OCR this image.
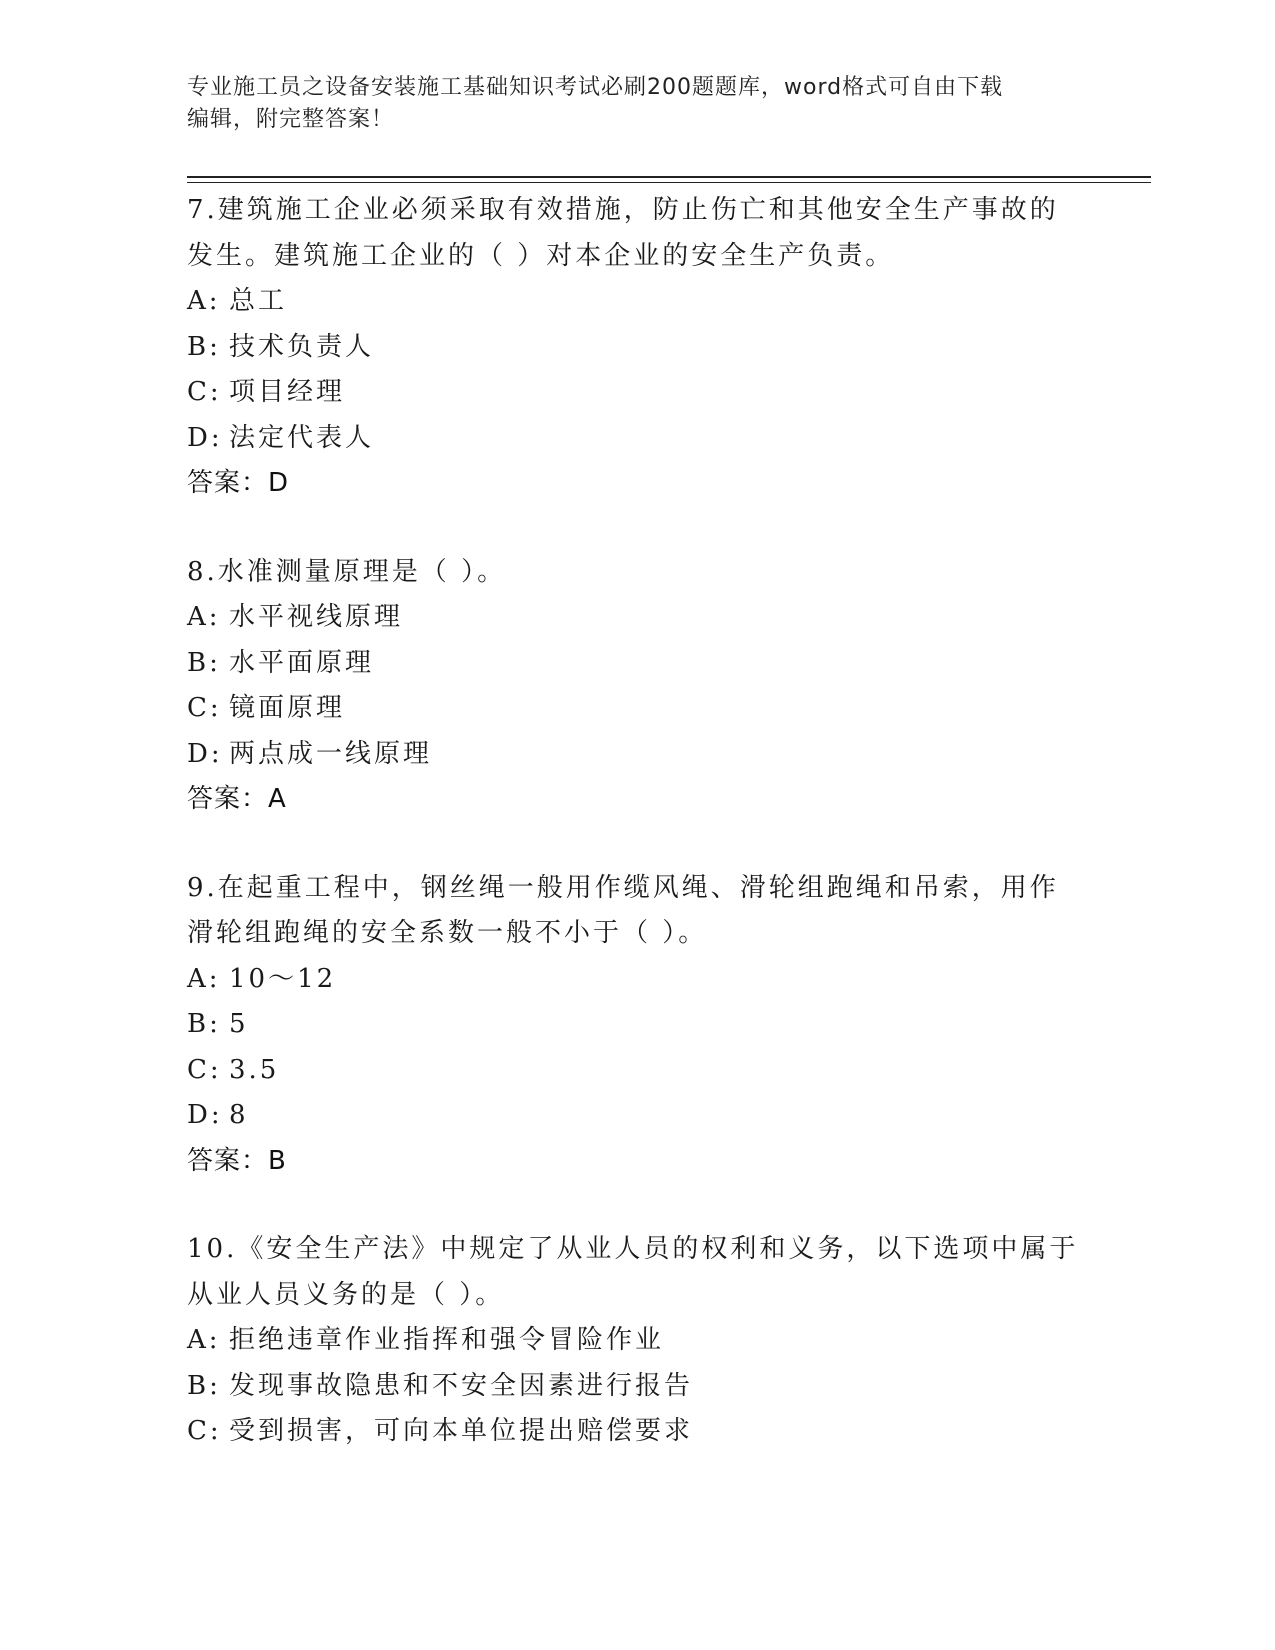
专业施工员之设备安装施工基础知识考试必刷200题题库，word格式可自由下载
编辑，附完整答案！
7.建筑施工企业必须采取有效措施，防止伤亡和其他安全生产事故的
发生。建筑施工企业的（ ）对本企业的安全生产负责。
A: 总工
B: 技术负责人
C: 项目经理
D: 法定代表人
答案：D
8.水准测量原理是（ ）。
A: 水平视线原理
B: 水平面原理
C: 镜面原理
D: 两点成一线原理
答案：A
9.在起重工程中，钢丝绳一般用作缆风绳、滑轮组跑绳和吊索，用作
滑轮组跑绳的安全系数一般不小于（ ）。
A: 10～12
B: 5
C: 3.5
D: 8
答案：B
10.《安全生产法》中规定了从业人员的权利和义务，以下选项中属于
从业人员义务的是（ ）。
A: 拒绝违章作业指挥和强令冒险作业
B: 发现事故隐患和不安全因素进行报告
C: 受到损害，可向本单位提出赔偿要求
